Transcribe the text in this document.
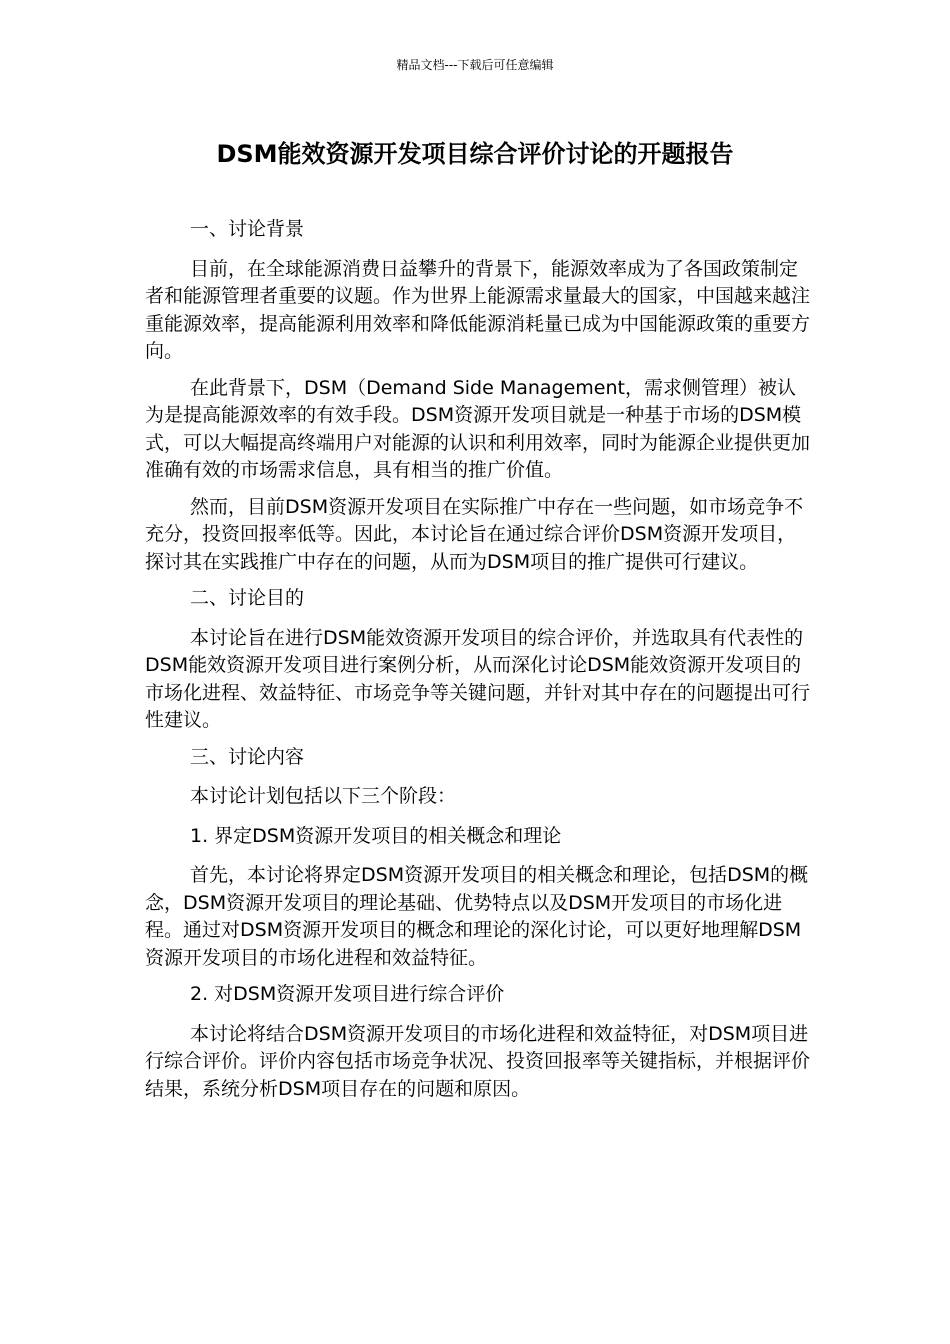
精品文档---下载后可任意编辑
DSM能效资源开发项目综合评价讨论的开题报告

一、讨论背景

目前，在全球能源消费日益攀升的背景下，能源效率成为了各国政策制定者和能源管理者重要的议题。作为世界上能源需求量最大的国家，中国越来越注重能源效率，提高能源利用效率和降低能源消耗量已成为中国能源政策的重要方向。

在此背景下，DSM（Demand Side Management，需求侧管理）被认为是提高能源效率的有效手段。DSM资源开发项目就是一种基于市场的DSM模式，可以大幅提高终端用户对能源的认识和利用效率，同时为能源企业提供更加准确有效的市场需求信息，具有相当的推广价值。

然而，目前DSM资源开发项目在实际推广中存在一些问题，如市场竞争不充分，投资回报率低等。因此，本讨论旨在通过综合评价DSM资源开发项目，探讨其在实践推广中存在的问题，从而为DSM项目的推广提供可行建议。

二、讨论目的

本讨论旨在进行DSM能效资源开发项目的综合评价，并选取具有代表性的DSM能效资源开发项目进行案例分析，从而深化讨论DSM能效资源开发项目的市场化进程、效益特征、市场竞争等关键问题，并针对其中存在的问题提出可行性建议。

三、讨论内容

本讨论计划包括以下三个阶段：

1. 界定DSM资源开发项目的相关概念和理论

首先，本讨论将界定DSM资源开发项目的相关概念和理论，包括DSM的概念，DSM资源开发项目的理论基础、优势特点以及DSM开发项目的市场化进程。通过对DSM资源开发项目的概念和理论的深化讨论，可以更好地理解DSM资源开发项目的市场化进程和效益特征。

2. 对DSM资源开发项目进行综合评价

本讨论将结合DSM资源开发项目的市场化进程和效益特征，对DSM项目进行综合评价。评价内容包括市场竞争状况、投资回报率等关键指标，并根据评价结果，系统分析DSM项目存在的问题和原因。
